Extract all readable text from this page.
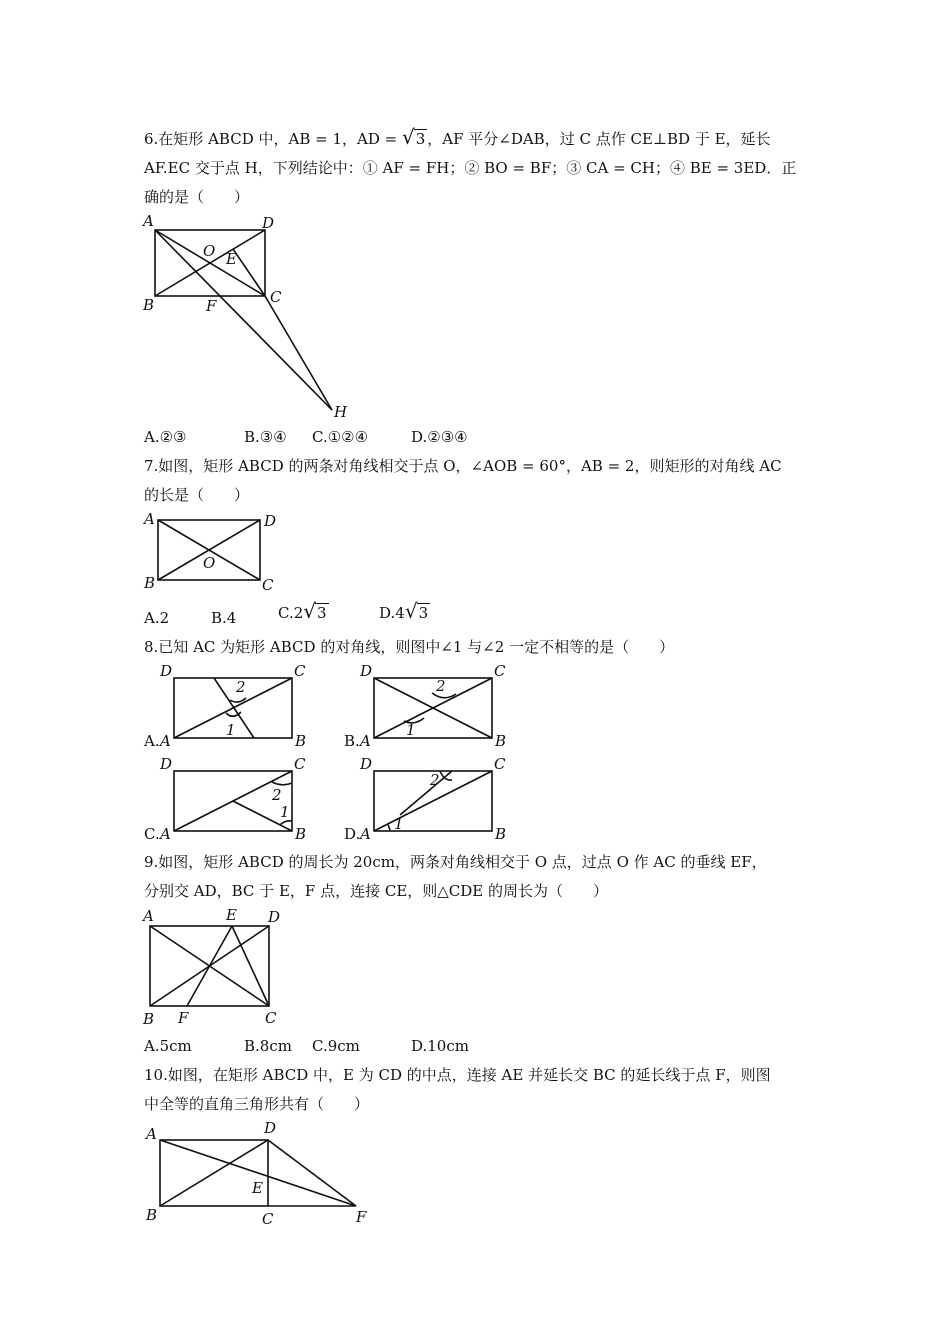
6.在矩形 ABCD 中，AB = 1，AD = √3 ，AF 平分∠DAB，过 C 点作 CE⊥BD 于 E，延长
AF.EC 交于点 H，下列结论中：① AF = FH；② BO = BF；③ CA = CH；④ BE = 3ED．正
确的是（　　）
A	D
O E
B	F	C
H
A.②③	B.③④ C.①②④	D.②③④
7.如图，矩形 ABCD 的两条对角线相交于点 O，∠AOB = 60°，AB = 2，则矩形的对角线 AC
的长是（　　）
A	D
O
B	C
A.2	B.4	C.2√3	D.4√3
8.已知 AC 为矩形 ABCD 的对角线，则图中∠1 与∠2 一定不相等的是（　　）
A. A
D	C
B
1
2
B. A
D	C
B
1
2
C. A
D	C
B
1
2
D. A
D	C
B
1
2
9.如图，矩形 ABCD 的周长为 20cm，两条对角线相交于 O 点，过点 O 作 AC 的垂线 EF，
分别交 AD，BC 于 E，F 点，连接 CE，则△CDE 的周长为（　　）
A	E D
B F	C
A.5cm	B.8cm C.9cm	D.10cm
10.如图，在矩形 ABCD 中，E 为 CD 的中点，连接 AE 并延长交 BC 的延长线于点 F，则图
中全等的直角三角形共有（　　）
A	D
E
B	C	F
